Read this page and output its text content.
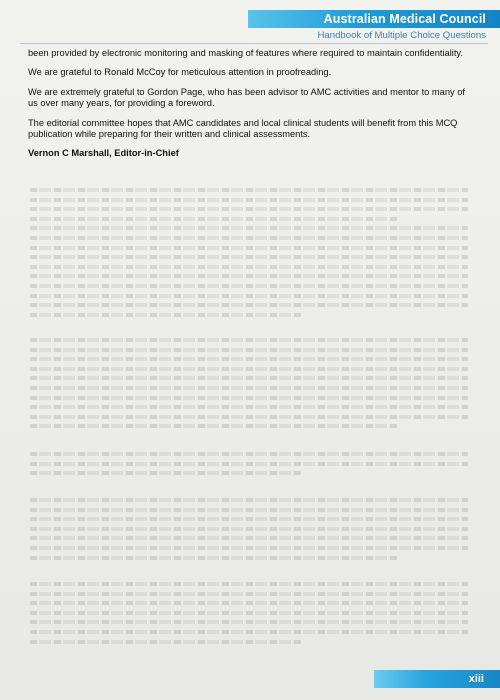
Australian Medical Council
Handbook of Multiple Choice Questions

been provided by electronic monitoring and masking of features where required to maintain confidentiality.

We are grateful to Ronald McCoy for meticulous attention in proofreading.

We are extremely grateful to Gordon Page, who has been advisor to AMC activities and mentor to many of us over many years, for providing a foreword.

The editorial committee hopes that AMC candidates and local clinical students will benefit from this MCQ publication while preparing for their written and clinical assessments.

Vernon C Marshall, Editor-in-Chief

xiii
